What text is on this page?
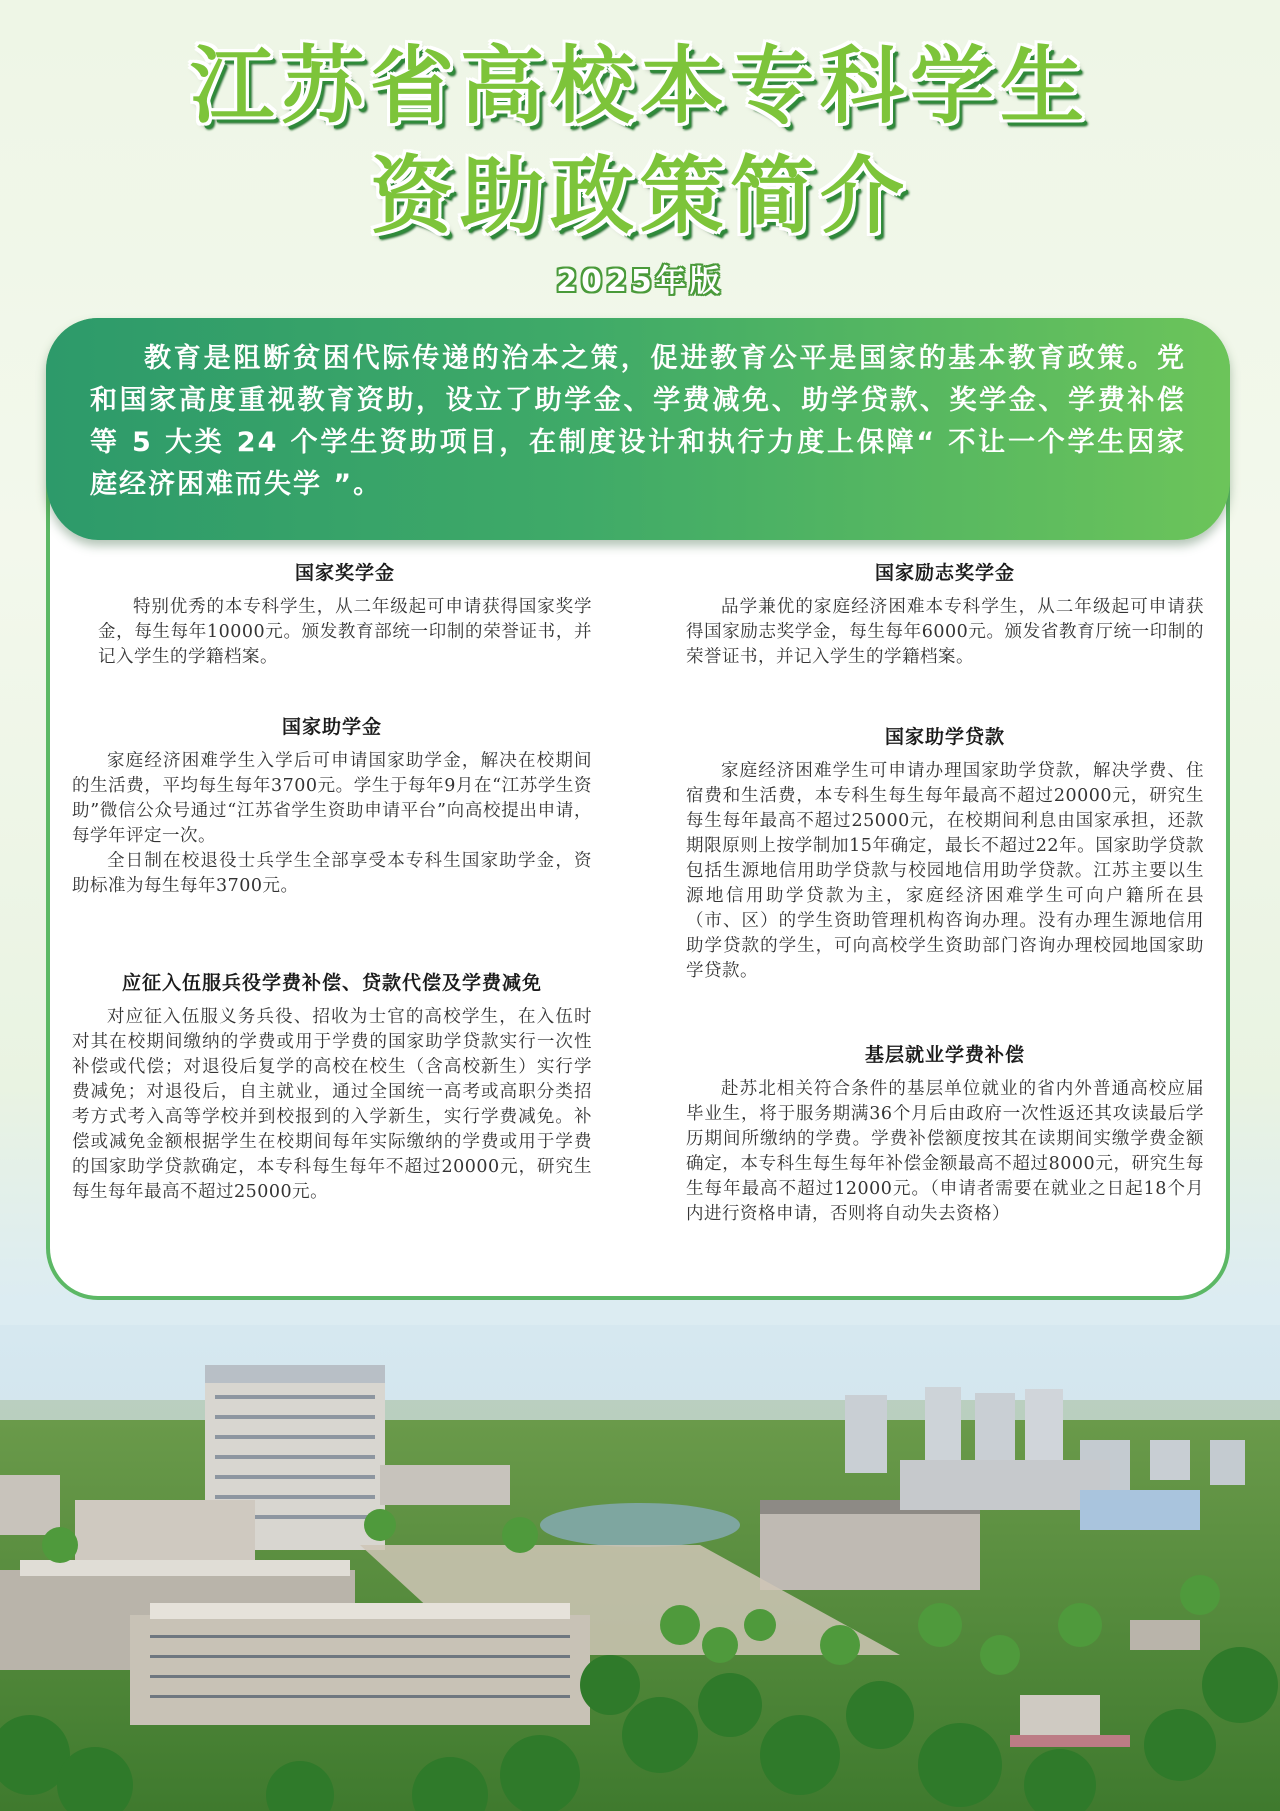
江苏省高校本专科学生
资助政策简介
2025年版
教育是阻断贫困代际传递的治本之策，促进教育公平是国家的基本教育政策。党和国家高度重视教育资助，设立了助学金、学费减免、助学贷款、奖学金、学费补偿等 5 大类 24 个学生资助项目，在制度设计和执行力度上保障“ 不让一个学生因家庭经济困难而失学 ”。
国家奖学金

特别优秀的本专科学生，从二年级起可申请获得国家奖学金，每生每年10000元。颁发教育部统一印制的荣誉证书，并记入学生的学籍档案。

国家助学金

家庭经济困难学生入学后可申请国家助学金，解决在校期间的生活费，平均每生每年3700元。学生于每年9月在“江苏学生资助”微信公众号通过“江苏省学生资助申请平台”向高校提出申请，每学年评定一次。

全日制在校退役士兵学生全部享受本专科生国家助学金，资助标准为每生每年3700元。

应征入伍服兵役学费补偿、贷款代偿及学费减免

对应征入伍服义务兵役、招收为士官的高校学生，在入伍时对其在校期间缴纳的学费或用于学费的国家助学贷款实行一次性补偿或代偿；对退役后复学的高校在校生（含高校新生）实行学费减免；对退役后，自主就业，通过全国统一高考或高职分类招考方式考入高等学校并到校报到的入学新生，实行学费减免。补偿或减免金额根据学生在校期间每年实际缴纳的学费或用于学费的国家助学贷款确定，本专科每生每年不超过20000元，研究生每生每年最高不超过25000元。

国家励志奖学金

品学兼优的家庭经济困难本专科学生，从二年级起可申请获得国家励志奖学金，每生每年6000元。颁发省教育厅统一印制的荣誉证书，并记入学生的学籍档案。

国家助学贷款

家庭经济困难学生可申请办理国家助学贷款，解决学费、住宿费和生活费，本专科生每生每年最高不超过20000元，研究生每生每年最高不超过25000元，在校期间利息由国家承担，还款期限原则上按学制加15年确定，最长不超过22年。国家助学贷款包括生源地信用助学贷款与校园地信用助学贷款。江苏主要以生源地信用助学贷款为主，家庭经济困难学生可向户籍所在县（市、区）的学生资助管理机构咨询办理。没有办理生源地信用助学贷款的学生，可向高校学生资助部门咨询办理校园地国家助学贷款。

基层就业学费补偿

赴苏北相关符合条件的基层单位就业的省内外普通高校应届毕业生，将于服务期满36个月后由政府一次性返还其攻读最后学历期间所缴纳的学费。学费补偿额度按其在读期间实缴学费金额确定，本专科生每生每年补偿金额最高不超过8000元，研究生每生每年最高不超过12000元。（申请者需要在就业之日起18个月内进行资格申请，否则将自动失去资格）
